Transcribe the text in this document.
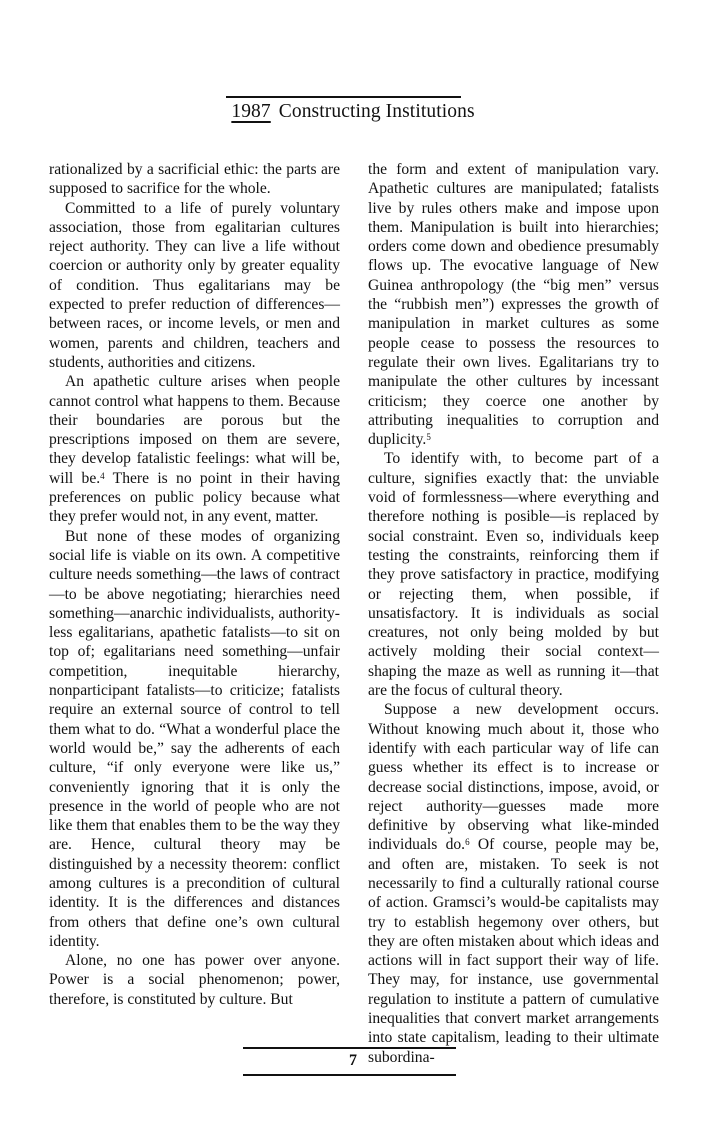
1987 Constructing Institutions

rationalized by a sacrificial ethic: the parts are supposed to sacrifice for the whole.

Committed to a life of purely voluntary association, those from egalitarian cultures reject authority. They can live a life without coercion or authority only by greater equality of condition. Thus egalitarians may be expected to prefer reduction of differences—between races, or income levels, or men and women, parents and children, teachers and students, authorities and citizens.

An apathetic culture arises when people cannot control what happens to them. Because their boundaries are porous but the prescriptions imposed on them are severe, they develop fatalistic feelings: what will be, will be.$^4$ There is no point in their having preferences on public policy because what they prefer would not, in any event, matter.

But none of these modes of organizing social life is viable on its own. A competitive culture needs something—the laws of contract—to be above negotiating; hierarchies need something—anarchic individualists, authority-less egalitarians, apathetic fatalists—to sit on top of; egalitarians need something—unfair competition, inequitable hierarchy, nonparticipant fatalists—to criticize; fatalists require an external source of control to tell them what to do. “What a wonderful place the world would be,” say the adherents of each culture, “if only everyone were like us,” conveniently ignoring that it is only the presence in the world of people who are not like them that enables them to be the way they are. Hence, cultural theory may be distinguished by a necessity theorem: conflict among cultures is a precondition of cultural identity. It is the differences and distances from others that define one’s own cultural identity.

Alone, no one has power over anyone. Power is a social phenomenon; power, therefore, is constituted by culture. But

the form and extent of manipulation vary. Apathetic cultures are manipulated; fatalists live by rules others make and impose upon them. Manipulation is built into hierarchies; orders come down and obedience presumably flows up. The evocative language of New Guinea anthropology (the “big men” versus the “rubbish men”) expresses the growth of manipulation in market cultures as some people cease to possess the resources to regulate their own lives. Egalitarians try to manipulate the other cultures by incessant criticism; they coerce one another by attributing inequalities to corruption and duplicity.$^5$

To identify with, to become part of a culture, signifies exactly that: the unviable void of formlessness—where everything and therefore nothing is posible—is replaced by social constraint. Even so, individuals keep testing the constraints, reinforcing them if they prove satisfactory in practice, modifying or rejecting them, when possible, if unsatisfactory. It is individuals as social creatures, not only being molded by but actively molding their social context—shaping the maze as well as running it—that are the focus of cultural theory.

Suppose a new development occurs. Without knowing much about it, those who identify with each particular way of life can guess whether its effect is to increase or decrease social distinctions, impose, avoid, or reject authority—guesses made more definitive by observing what like-minded individuals do.$^6$ Of course, people may be, and often are, mistaken. To seek is not necessarily to find a culturally rational course of action. Gramsci’s would-be capitalists may try to establish hegemony over others, but they are often mistaken about which ideas and actions will in fact support their way of life. They may, for instance, use governmental regulation to institute a pattern of cumulative inequalities that convert market arrangements into state capitalism, leading to their ultimate subordina-

7
